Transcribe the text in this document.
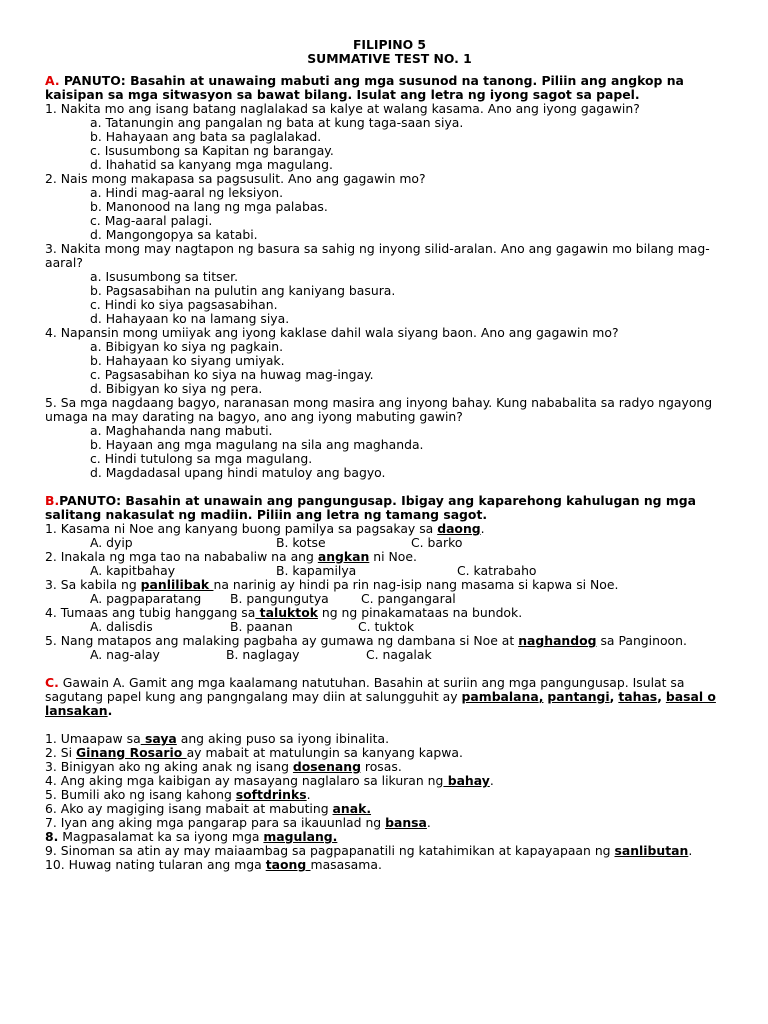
FILIPINO 5
SUMMATIVE TEST NO. 1

A. PANUTO: Basahin at unawaing mabuti ang mga susunod na tanong. Piliin ang angkop na kaisipan sa mga sitwasyon sa bawat bilang. Isulat ang letra ng iyong sagot sa papel.

1. Nakita mo ang isang batang naglalakad sa kalye at walang kasama. Ano ang iyong gagawin?

a. Tatanungin ang pangalan ng bata at kung taga-saan siya.

b. Hahayaan ang bata sa paglalakad.

c. Isusumbong sa Kapitan ng barangay.

d. Ihahatid sa kanyang mga magulang.

2. Nais mong makapasa sa pagsusulit. Ano ang gagawin mo?

a. Hindi mag-aaral ng leksiyon.

b. Manonood na lang ng mga palabas.

c. Mag-aaral palagi.

d. Mangongopya sa katabi.

3. Nakita mong may nagtapon ng basura sa sahig ng inyong silid-aralan. Ano ang gagawin mo bilang mag-aaral?

a. Isusumbong sa titser.

b. Pagsasabihan na pulutin ang kaniyang basura.

c. Hindi ko siya pagsasabihan.

d. Hahayaan ko na lamang siya.

4. Napansin mong umiiyak ang iyong kaklase dahil wala siyang baon. Ano ang gagawin mo?

a. Bibigyan ko siya ng pagkain.

b. Hahayaan ko siyang umiyak.

c. Pagsasabihan ko siya na huwag mag-ingay.

d. Bibigyan ko siya ng pera.

5. Sa mga nagdaang bagyo, naranasan mong masira ang inyong bahay. Kung nababalita sa radyo ngayong umaga na may darating na bagyo, ano ang iyong mabuting gawin?

a. Maghahanda nang mabuti.

b. Hayaan ang mga magulang na sila ang maghanda.

c. Hindi tutulong sa mga magulang.

d. Magdadasal upang hindi matuloy ang bagyo.

B.PANUTO: Basahin at unawain ang pangungusap. Ibigay ang kaparehong kahulugan ng mga salitang nakasulat ng madiin. Piliin ang letra ng tamang sagot.

1. Kasama ni Noe ang kanyang buong pamilya sa pagsakay sa daong.

A. dyip	B. kotse	C. barko

2. Inakala ng mga tao na nababaliw na ang angkan ni Noe.

A. kapitbahay	B. kapamilya	C. katrabaho

3. Sa kabila ng panlilibak na narinig ay hindi pa rin nag-isip nang masama si kapwa si Noe.

A. pagpaparatang	B. pangungutya	C. pangangaral

4. Tumaas ang tubig hanggang sa taluktok ng ng pinakamataas na bundok.

A. dalisdis	B. paanan	C. tuktok

5. Nang matapos ang malaking pagbaha ay gumawa ng dambana si Noe at naghandog sa Panginoon.

A. nag-alay	B. naglagay	C. nagalak

C. Gawain A. Gamit ang mga kaalamang natutuhan. Basahin at suriin ang mga pangungusap. Isulat sa sagutang papel kung ang pangngalang may diin at salungguhit ay pambalana, pantangi, tahas, basal o lansakan.

1. Umaapaw sa saya ang aking puso sa iyong ibinalita.

2. Si Ginang Rosario ay mabait at matulungin sa kanyang kapwa.

3. Binigyan ako ng aking anak ng isang dosenang rosas.

4. Ang aking mga kaibigan ay masayang naglalaro sa likuran ng bahay.

5. Bumili ako ng isang kahong softdrinks.

6. Ako ay magiging isang mabait at mabuting anak.

7. Iyan ang aking mga pangarap para sa ikauunlad ng bansa.

8. Magpasalamat ka sa iyong mga magulang.

9. Sinoman sa atin ay may maiaambag sa pagpapanatili ng katahimikan at kapayapaan ng sanlibutan.

10. Huwag nating tularan ang mga taong masasama.
